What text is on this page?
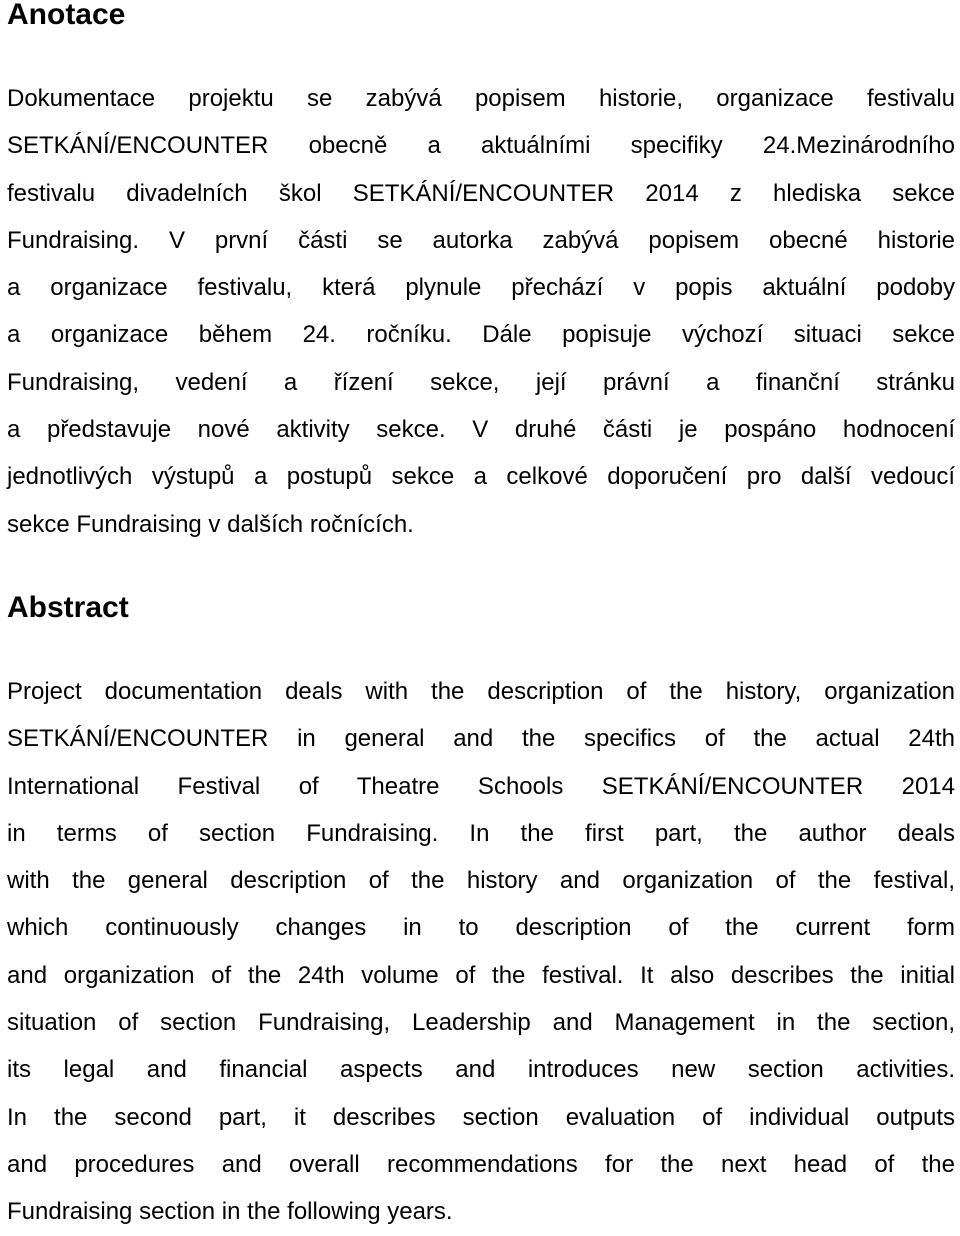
Anotace
Dokumentace projektu se zabývá popisem historie, organizace festivalu
SETKÁNÍ/ENCOUNTER obecně a aktuálními specifiky 24.Mezinárodního
festivalu divadelních škol SETKÁNÍ/ENCOUNTER 2014 z hlediska sekce
Fundraising. V první části se autorka zabývá popisem obecné historie
a organizace festivalu, která plynule přechází v popis aktuální podoby
a organizace během 24. ročníku. Dále popisuje výchozí situaci sekce
Fundraising, vedení a řízení sekce, její právní a finanční stránku
a představuje nové aktivity sekce. V druhé části je pospáno hodnocení
jednotlivých výstupů a postupů sekce a celkové doporučení pro další vedoucí
sekce Fundraising v dalších ročnících.
Abstract
Project documentation deals with the description of the history, organization
SETKÁNÍ/ENCOUNTER in general and the specifics of the actual 24th
International Festival of Theatre Schools SETKÁNÍ/ENCOUNTER 2014
in terms of section Fundraising. In the first part, the author deals
with the general description of the history and organization of the festival,
which continuously changes in to description of the current form
and organization of the 24th volume of the festival. It also describes the initial
situation of section Fundraising, Leadership and Management in the section,
its legal and financial aspects and introduces new section activities.
In the second part, it describes section evaluation of individual outputs
and procedures and overall recommendations for the next head of the
Fundraising section in the following years.
